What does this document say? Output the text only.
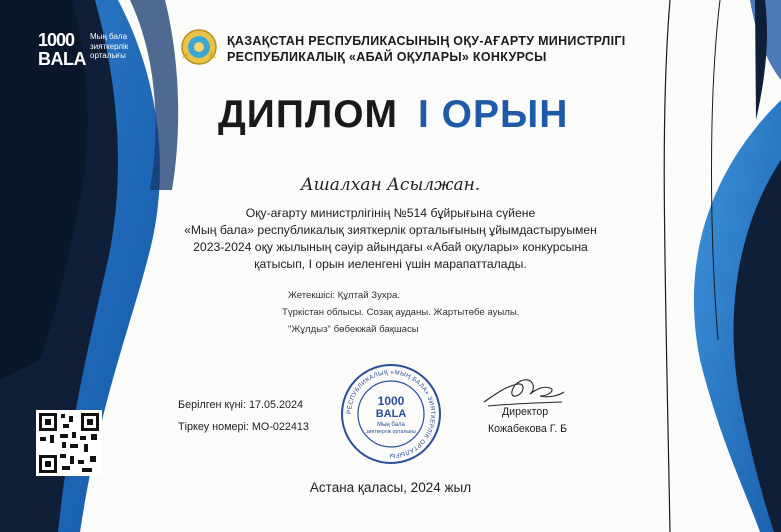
1000
BALA
Мың бала
зияткерлік
орталығы
ҚАЗАҚСТАН РЕСПУБЛИКАСЫНЫҢ ОҚУ-АҒАРТУ МИНИСТРЛІГІ
РЕСПУБЛИКАЛЫҚ «АБАЙ ОҚУЛАРЫ» КОНКУРСЫ
ДИПЛОМ І ОРЫН
Ашалхан Асылжан.
Оқу-ағарту министрлігінің №514 бұйрығына сүйене
«Мың бала» республикалық зияткерлік орталығының ұйымдастыруымен
2023-2024 оқу жылының сәуір айындағы «Абай оқулары» конкурсына
қатысып, І орын иеленгені үшін марапатталады.
Жетекшісі: Құлтай Зухра.
Түркістан облысы. Созақ ауданы. Жартытөбе ауылы.
"Жұлдыз" бөбекжай бақшасы
Берілген күні: 17.05.2024
Тіркеу номері: МО-022413
РЕСПУБЛИКАЛЫҚ «МЫҢ БАЛА» ЗИЯТКЕРЛІК ОРТАЛЫҒЫ
1000
BALA
Мың бала
зияткерлік орталығы
Директор
Кожабекова Г. Б
Астана қаласы, 2024 жыл
